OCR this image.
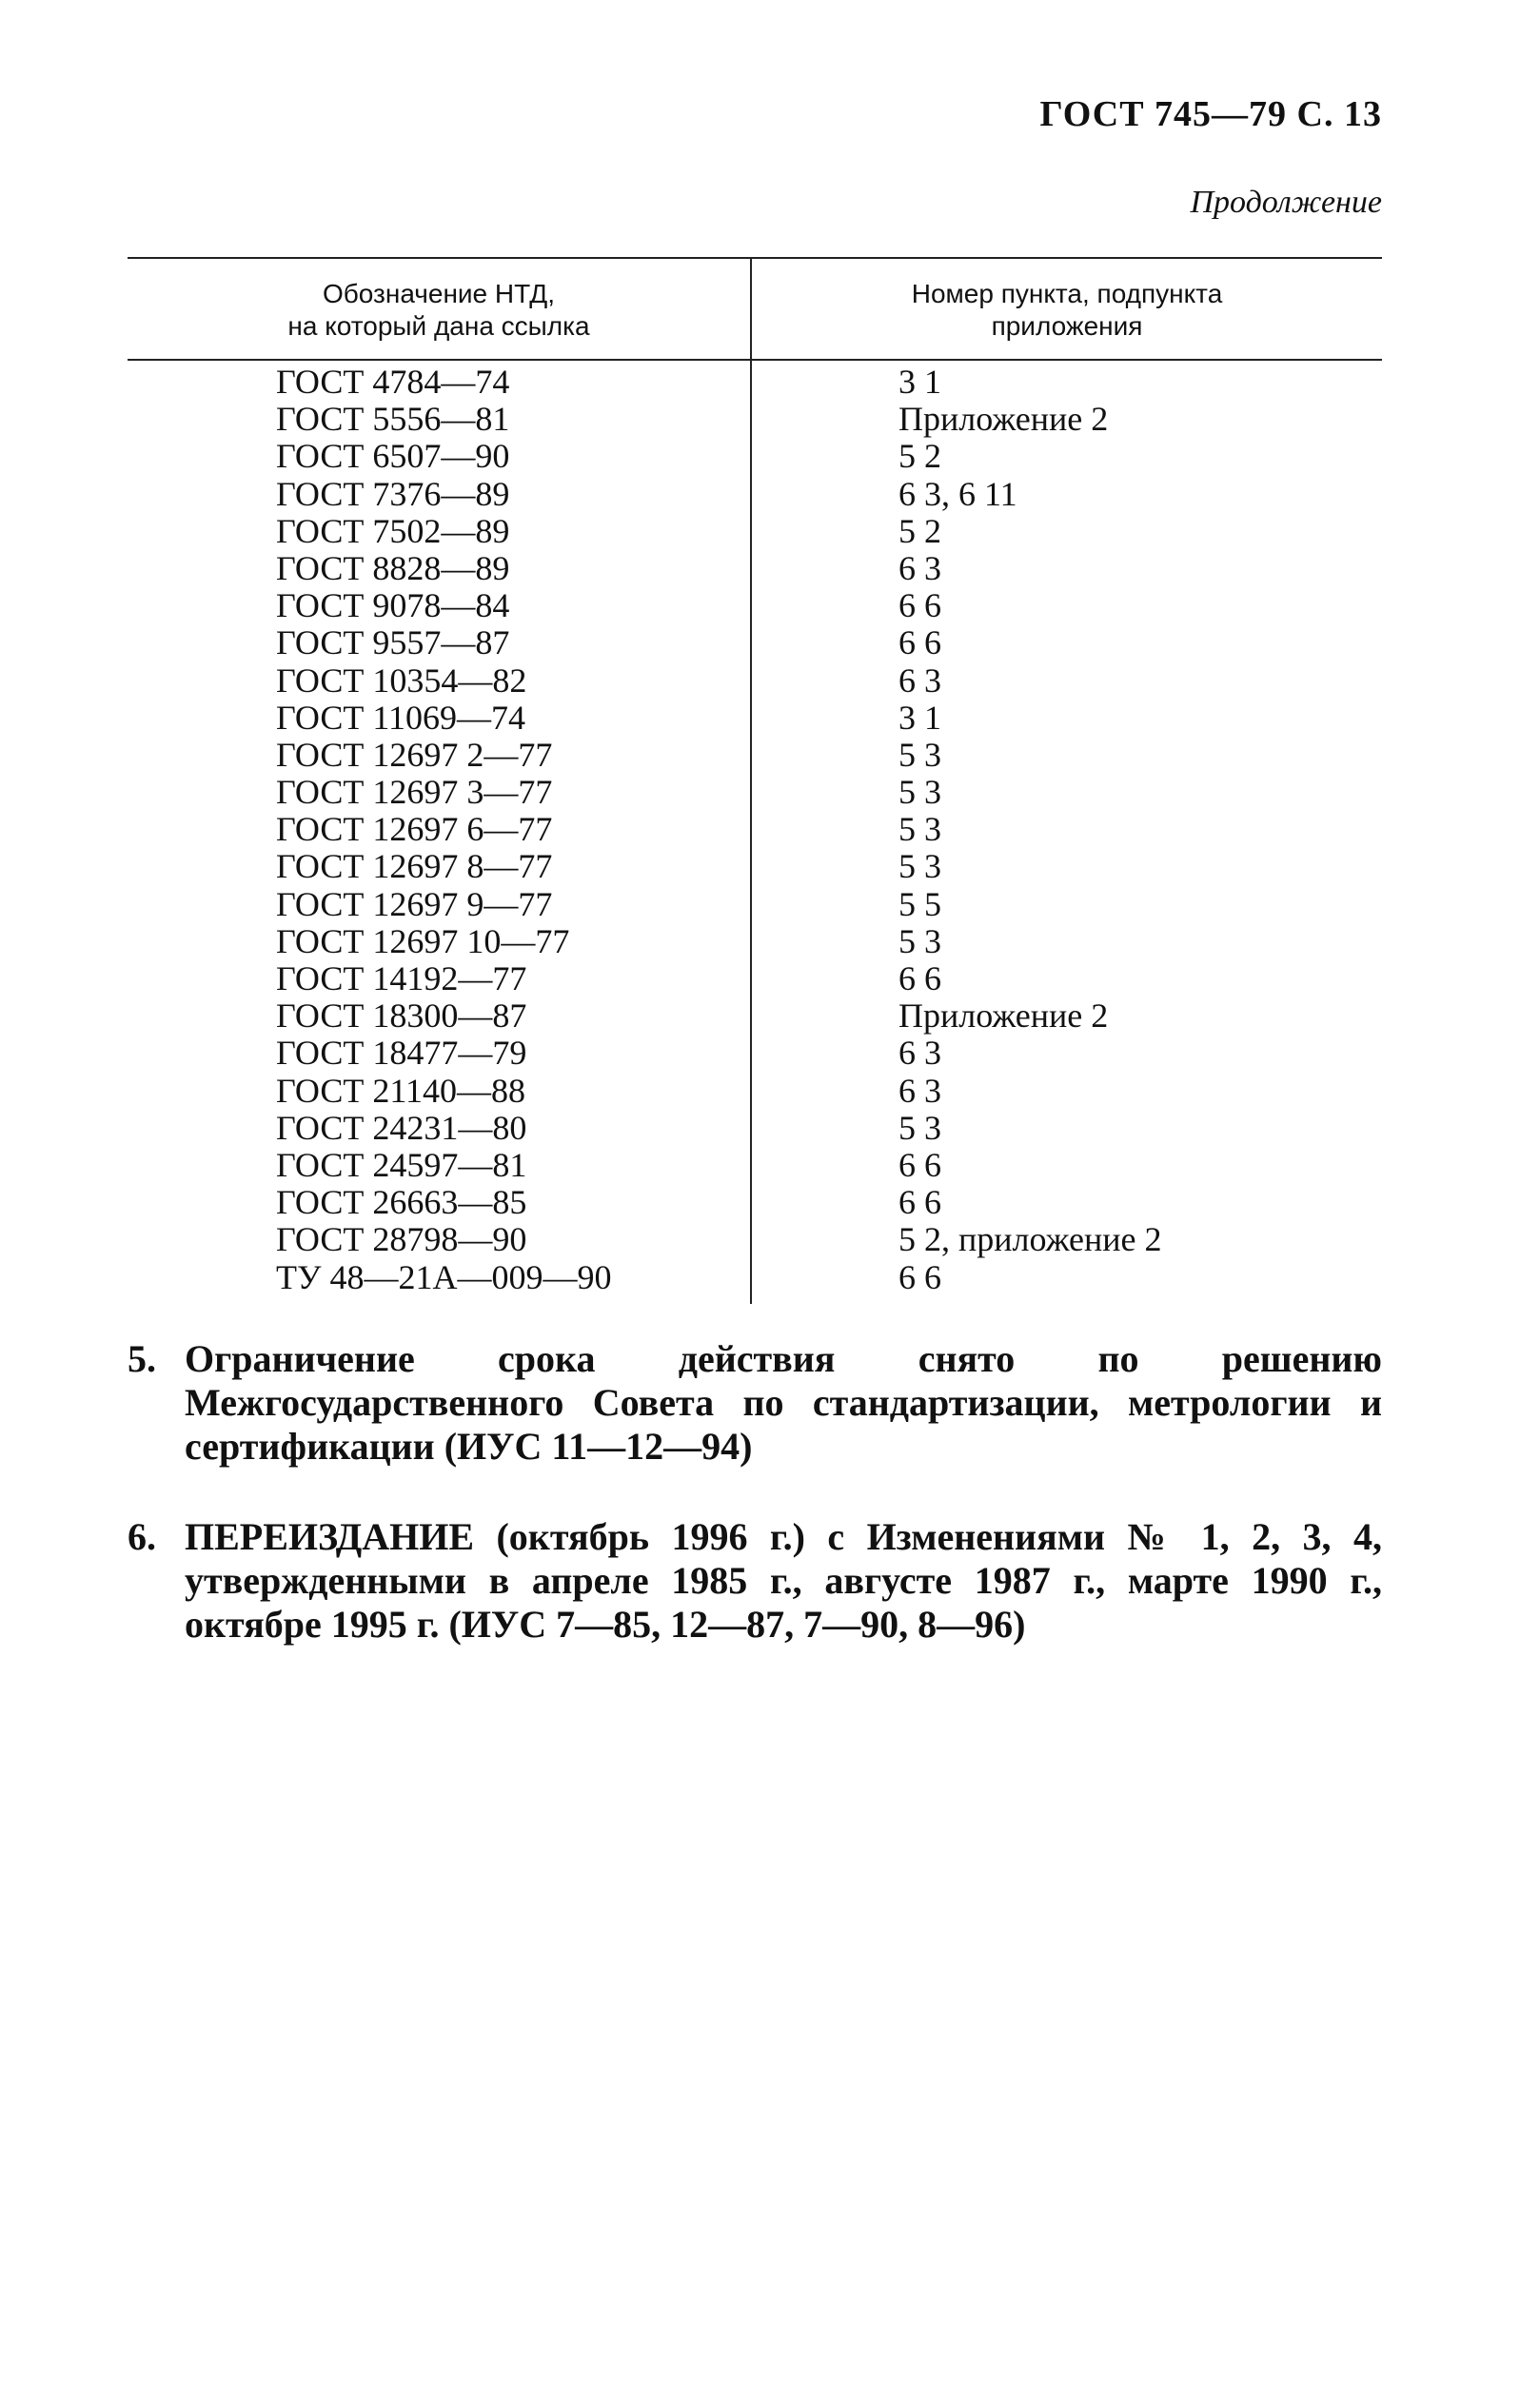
ГОСТ 745—79 С. 13
Продолжение
Обозначение НТД,
на который дана ссылка
Номер пункта, подпункта
приложения
ГОСТ 4784—74	3 1
ГОСТ 5556—81	Приложение 2
ГОСТ 6507—90	5 2
ГОСТ 7376—89	6 3, 6 11
ГОСТ 7502—89	5 2
ГОСТ 8828—89	6 3
ГОСТ 9078—84	6 6
ГОСТ 9557—87	6 6
ГОСТ 10354—82	6 3
ГОСТ 11069—74	3 1
ГОСТ 12697 2—77	5 3
ГОСТ 12697 3—77	5 3
ГОСТ 12697 6—77	5 3
ГОСТ 12697 8—77	5 3
ГОСТ 12697 9—77	5 5
ГОСТ 12697 10—77	5 3
ГОСТ 14192—77	6 6
ГОСТ 18300—87	Приложение 2
ГОСТ 18477—79	6 3
ГОСТ 21140—88	6 3
ГОСТ 24231—80	5 3
ГОСТ 24597—81	6 6
ГОСТ 26663—85	6 6
ГОСТ 28798—90	5 2, приложение 2
ТУ 48—21А—009—90	6 6
5. Ограничение срока действия снято по решению Межгосударственного Совета по стандартизации, метрологии и сертификации (ИУС 11—12—94)
6. ПЕРЕИЗДАНИЕ (октябрь 1996 г.) с Изменениями № 1, 2, 3, 4, утвержденными в апреле 1985 г., августе 1987 г., марте 1990 г., октябре 1995 г. (ИУС 7—85, 12—87, 7—90, 8—96)
